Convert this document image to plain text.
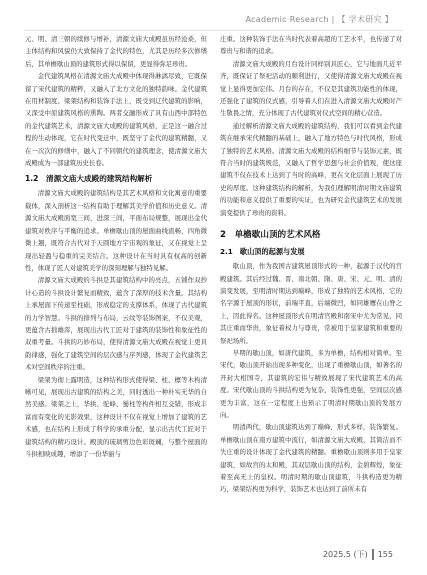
Academic Research | 【 学术研究 】

元、明、清三朝的续修与增补，清源文庙大成殿虽历经沧桑，但主体结构和风貌仍大致保持了金代的特色，尤其是历经多次修缮后，其单檐歇山顶的建筑形式得以保留，更显得弥足珍贵。

金代建筑风格在清源文庙大成殿中体现得淋漓尽致，它既保留了宋代建筑的精粹，又融入了北方文化的独特韵味。金代建筑在用材制度、梁架结构和装饰手法上，既受到辽代建筑的影响，又深受中原建筑风格的熏陶。两者交融形成了具有山西中部特色的金代建筑艺术，清源文庙大成殿的建筑风格，正是这一融合过程的生动体现，它在时代变迁中，既坚守了金代的建筑精髓，又在一次次的修缮中，融入了不同朝代的建筑理念，使清源文庙大成殿成为一部建筑历史长卷。

1.2　清源文庙大成殿的建筑结构解析

清源文庙大成殿的建筑结构是其艺术风格和文化寓意的重要载体，深入剖析这一结构有助于理解其美学价值和历史意义。清源文庙大成殿面宽三间，进深三间，平面布局规整，展现出金代建筑对秩序与平衡的追求。单檐歇山顶的屋面曲线流畅，四角微微上翘，既符合古代对于天圆地方宇宙观的象征，又在视觉上呈现出轻盈与稳重的完美结合。这种设计在当时具有权高的创新性，体现了匠人对建筑美学的深刻理解与独特见解。

清源文庙大成殿的斗拱是其建筑结构中的亮点，五铺作双抄计心造的斗拱设计繁复而精致，蕴含了深厚的技术含量。其结构上承屋面下传递至柱础，形成稳定的支撑体系，体现了古代建筑的力学智慧。斗拱的排列与布局，云纹等装饰图案，不仅美观，更蕴含古拙雄浑，展现出古代工匠对于建筑的装饰性和象征性的双重考量。斗拱的巧妙布局，使得清源文庙大成殿在视觉上更具韵律感，强化了建筑空间的层次感与序列感，体现了金代建筑艺术对空间秩序的注重。

梁架为彻上露明造，这种结构形式使得梁、柱、檩等木构清晰可见，展现出古建筑的结构之美，同时透出一种朴实无华的自然美感。梁架之上，华拱、驼峰、蜀柱等构件相互交错，形成丰富而有变化的光影效果，这种设计不仅在视觉上增加了建筑的艺术感，也在结构上形成了科学的承重分配，显示出古代工匠对于建筑结构的精巧设计。殿顶的琉璃剪边色彩斑斓，与整个屋面的斗拱相映成趣，增添了一份华丽与

庄重。这种装饰手法在当时代表着高超的工艺水平，也传递了对尊贵与和谐的追求。

清源文庙大成殿的月台设计同样别具匠心，它与地面几近平齐，既保证了祭祀活动的顺利进行，又使得清源文庙大成殿在视觉上显得更加宏伟。月台的存在，不仅是其建筑功能性的体现，还强化了建筑的仪式感，引导着人们在进入清源文庙大成殿时产生敬畏之情，充分体现了古代建筑对仪式空间的精心营造。

通过解析清源文庙大成殿的建筑结构，我们可以看到金代建筑在继承宋代精髓的基础上，融入了地方特色与时代风格，形成了独特的艺术风格。清源文庙大成殿的结构细节与装饰元素，既符合当时的建筑规范，又融入了哲学思想与社会价值观，使这座建筑不仅在技术上达到了当时的高峰，更在文化层面上展现了历史的厚度。这种建筑结构的解析，为我们理解明清时期文庙建筑的功能和意义提供了重要的实证，也为研究金代建筑艺术的发展演变提供了珍贵的资料。

2　单檐歇山顶的艺术风格
2.1　歇山顶的起源与发展

歇山顶，作为我国古建筑屋顶形式的一种，起源于汉代的宫殿建筑。其后经过魏、晋、南北朝、隋、唐、宋、元、明、清的演变发展，至明清时期达到巅峰，形成了独特的艺术风格，它的名字源于屋顶的形状，前端平直，后端微凹，如同雄鹰在山脊之上，因此得名。这种屋顶形式在明清官殿和南宋中尤为常见，同其庄重而华贵，象征着权力与尊贵，常被用于皇家建筑和重要的祭祀场所。

早期的歇山顶，如唐代建筑，多为单檐，结构相对简单。至宋代，歇山顶开始出现多种变化，出现了重檐歇山顶，如著名的开封大相国寺，其建筑的宏伟与精致展现了宋代建筑艺术的高度。宋代歇山顶的斗拱结构更为复杂，装饰性更强，空间层次感更为丰富，这在一定程度上也预示了明清时期歇山顶的发展方向。

明清两代，歇山顶建筑达到了巅峰，形式多样，装饰繁复。单檐歇山顶在南方建筑中流行，如清源文庙大成殿，其简洁而不失庄重的设计体现了金代建筑的精髓。重檐歇山顶则多用于皇家建筑，如故宫的太和殿，其双层歇山顶的结构，金碧辉煌，象征着至高无上的皇权。明清时期的歇山顶建筑，斗拱构造更为精巧，梁架结构更为科学，装饰艺术也达到了前所未有

2025.5 (下) 155
